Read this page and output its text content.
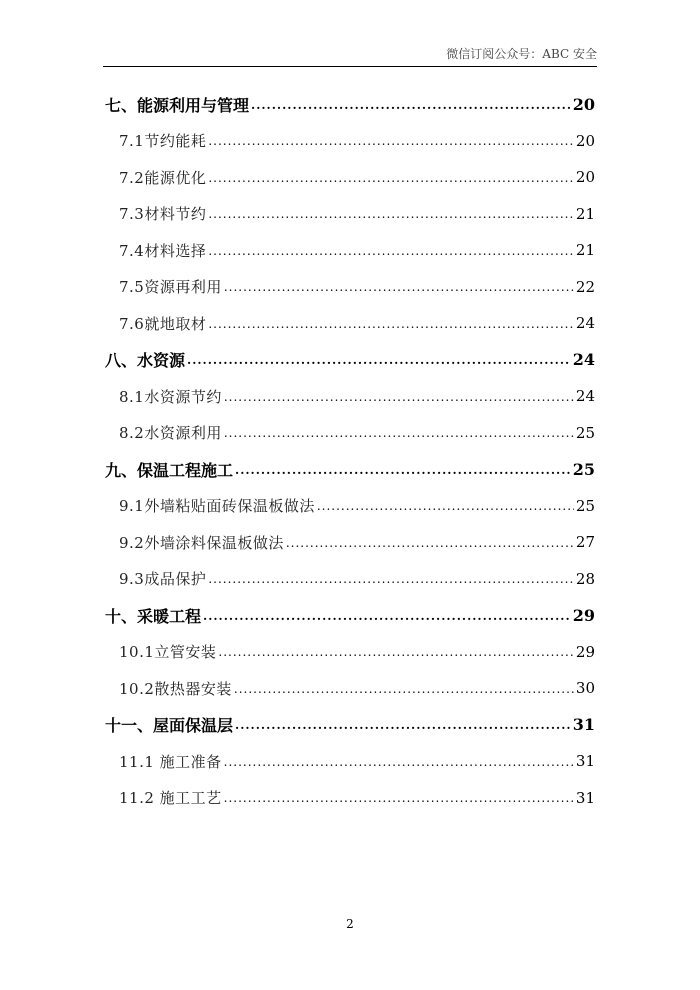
微信订阅公众号：ABC 安全
七、能源利用与管理 .....	20
7.1节约能耗 .....	20
7.2能源优化 .....	20
7.3材料节约 .....	21
7.4材料选择 .....	21
7.5资源再利用 .....	22
7.6就地取材 .....	24
八、水资源 .....	24
8.1水资源节约 .....	24
8.2水资源利用 .....	25
九、保温工程施工 .....	25
9.1外墙粘贴面砖保温板做法 .....	25
9.2外墙涂料保温板做法 .....	27
9.3成品保护 .....	28
十、采暖工程 .....	29
10.1立管安装 .....	29
10.2散热器安装 .....	30
十一、屋面保温层 .....	31
11.1 施工准备 .....	31
11.2 施工工艺 .....	31
2
